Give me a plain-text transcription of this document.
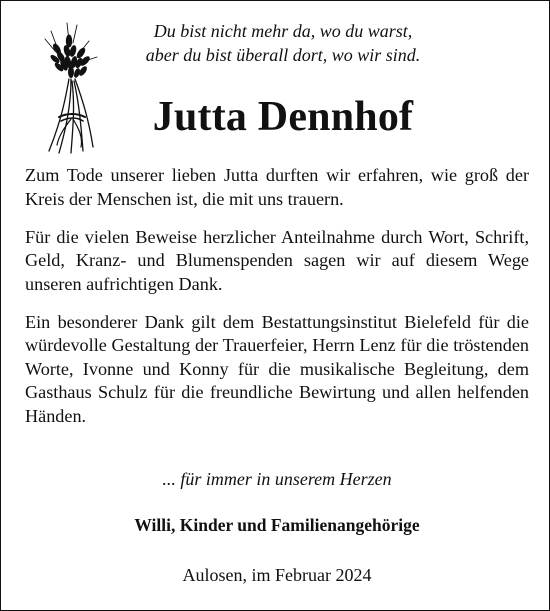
Du bist nicht mehr da, wo du warst,
aber du bist überall dort, wo wir sind.
Jutta Dennhof

Zum Tode unserer lieben Jutta durften wir erfahren, wie groß der Kreis der Menschen ist, die mit uns trauern.

Für die vielen Beweise herzlicher Anteilnahme durch Wort, Schrift, Geld, Kranz- und Blumenspenden sagen wir auf diesem Wege unseren aufrichtigen Dank.

Ein besonderer Dank gilt dem Bestattungsinstitut Bielefeld für die würdevolle Gestaltung der Trauerfeier, Herrn Lenz für die tröstenden Worte, Ivonne und Konny für die musikalische Begleitung, dem Gasthaus Schulz für die freundliche Bewirtung und allen helfenden Händen.

... für immer in unserem Herzen
Willi, Kinder und Familienangehörige
Aulosen, im Februar 2024
